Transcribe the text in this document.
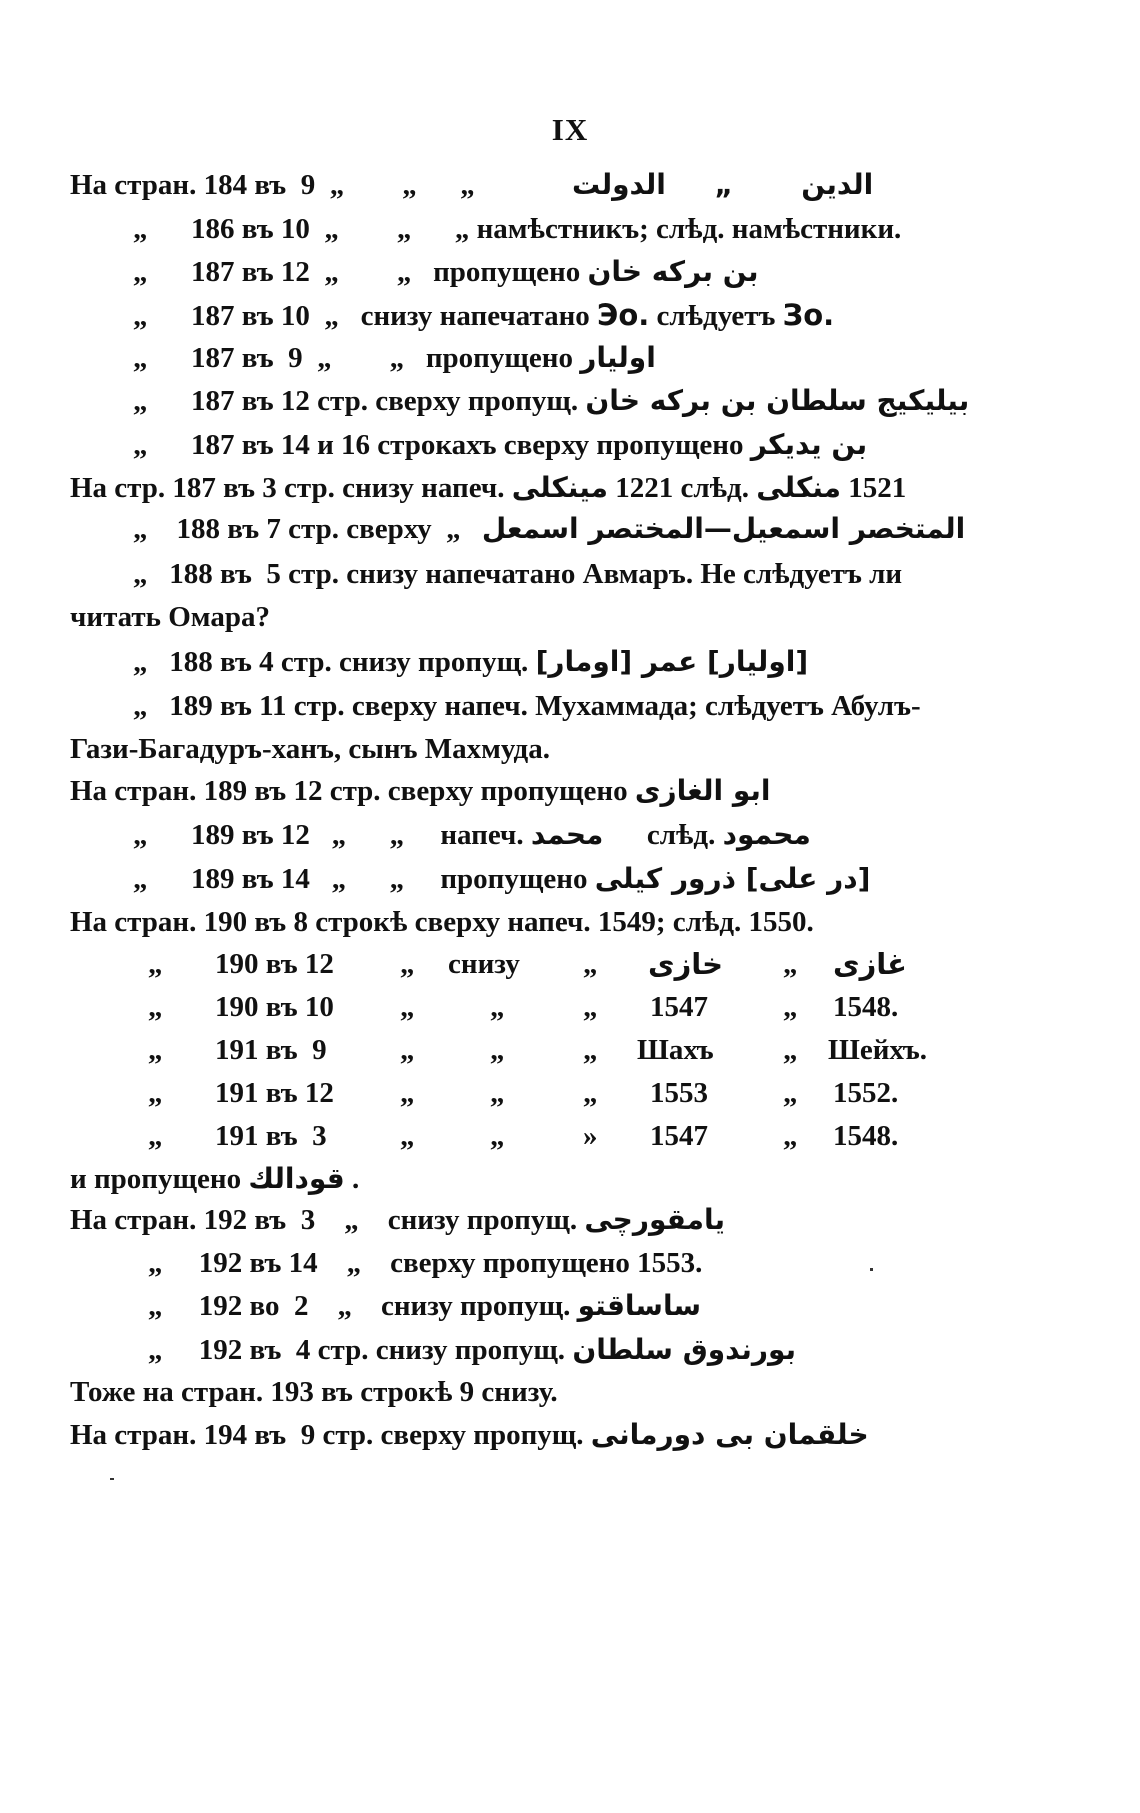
IX
На стран. 184 въ  9  „        „      „	الدين       „     الدولت
„      186 въ 10  „        „      „ намѣстникъ; слѣд. намѣстники.
„      187 въ 12  „        „   пропущено بن بركه خان
„      187 въ 10  „   снизу напечатано Эо. слѣдуетъ Зо.
„      187 въ  9  „        „   пропущено اوليار
„      187 въ 12 стр. сверху пропущ. بيليكيج سلطان بن بركه خان
„      187 въ 14 и 16 строкахъ сверху пропущено بن يديكر
На стр. 187 въ 3 стр. снизу напеч. مينكلى 1221 слѣд. منكلى 1521
„    188 въ 7 стр. сверху  „ المتخصر اسمعيل—المختصر اسمعل
„   188 въ  5 стр. снизу напечатано Авмаръ. Не слѣдуетъ ли
читать Омара?
„   188 въ 4 стр. снизу пропущ. [اوليار] عمر [اومار]
„   189 въ 11 стр. сверху напеч. Мухаммада; слѣдуетъ Абулъ-
Гази-Багадуръ-ханъ, сынъ Махмуда.
На стран. 189 въ 12 стр. сверху пропущено ابو الغازى
„      189 въ 12   „      „     напеч. محمد      слѣд. محمود
„      189 въ 14   „      „     пропущено [در على] ذرور كيلى
На стран. 190 въ 8 строкѣ сверху напеч. 1549; слѣд. 1550.
„ 190 въ 12 „ снизу „ خازى „ غازى
„ 190 въ 10 „	„	„ 1547	„ 1548.
„ 191 въ  9	„	„	„ Шахъ „ Шейхъ.
„ 191 въ 12 „	„	„ 1553	„ 1552.
„ 191 въ  3	„	„	» 1547	„ 1548.
и пропущено قودالك .
На стран. 192 въ  3    „    снизу пропущ. يامقورچى
„     192 въ 14    „    сверху пропущено 1553.
„     192 во  2    „    снизу пропущ. ساساقتو
„     192 въ  4 стр. снизу пропущ. بورندوق سلطان
Тоже на стран. 193 въ строкѣ 9 снизу.
На стран. 194 въ  9 стр. сверху пропущ. خلقمان بى دورمانى
